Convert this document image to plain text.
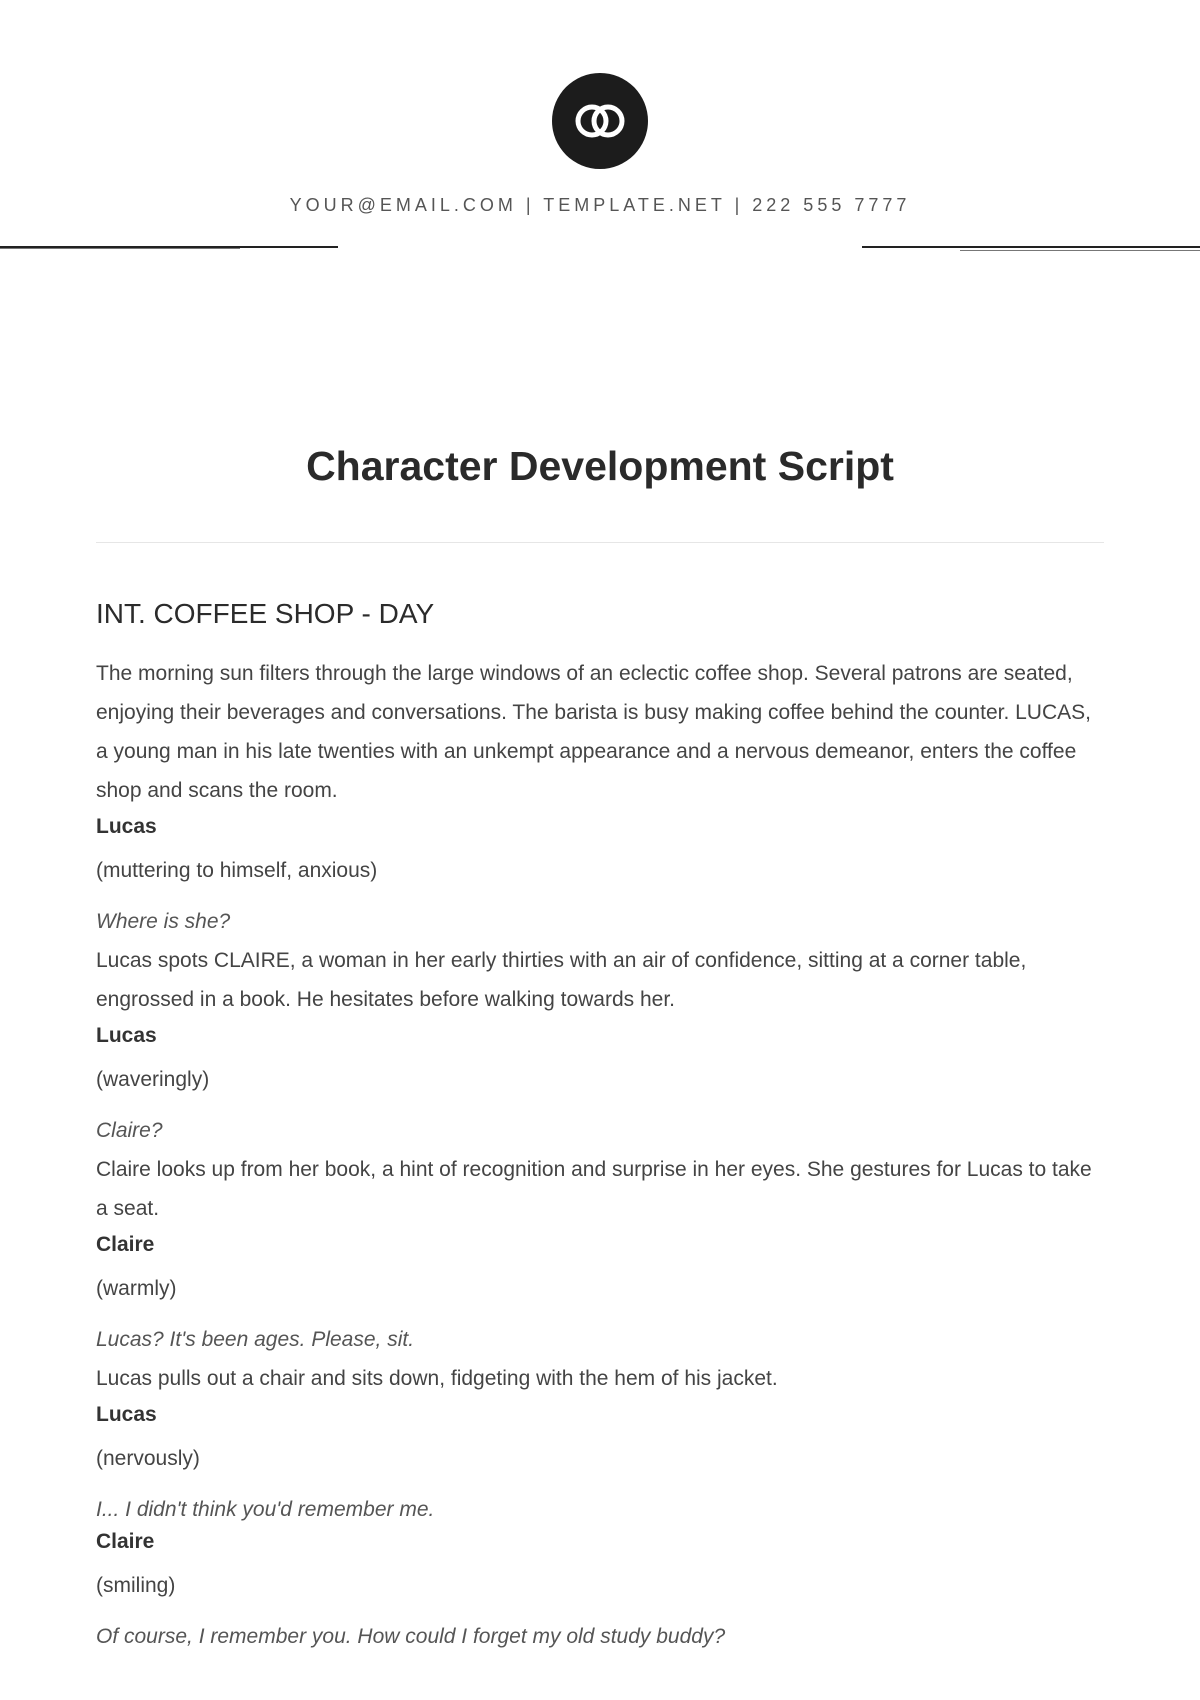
YOUR@EMAIL.COM | TEMPLATE.NET | 222 555 7777
Character Development Script
INT. COFFEE SHOP - DAY

The morning sun filters through the large windows of an eclectic coffee shop. Several patrons are seated, enjoying their beverages and conversations. The barista is busy making coffee behind the counter. LUCAS, a young man in his late twenties with an unkempt appearance and a nervous demeanor, enters the coffee shop and scans the room.

Lucas
(muttering to himself, anxious)
Where is she?

Lucas spots CLAIRE, a woman in her early thirties with an air of confidence, sitting at a corner table, engrossed in a book. He hesitates before walking towards her.

Lucas
(waveringly)
Claire?

Claire looks up from her book, a hint of recognition and surprise in her eyes. She gestures for Lucas to take a seat.

Claire
(warmly)
Lucas? It's been ages. Please, sit.

Lucas pulls out a chair and sits down, fidgeting with the hem of his jacket.

Lucas
(nervously)
I... I didn't think you'd remember me.
Claire
(smiling)
Of course, I remember you. How could I forget my old study buddy?
